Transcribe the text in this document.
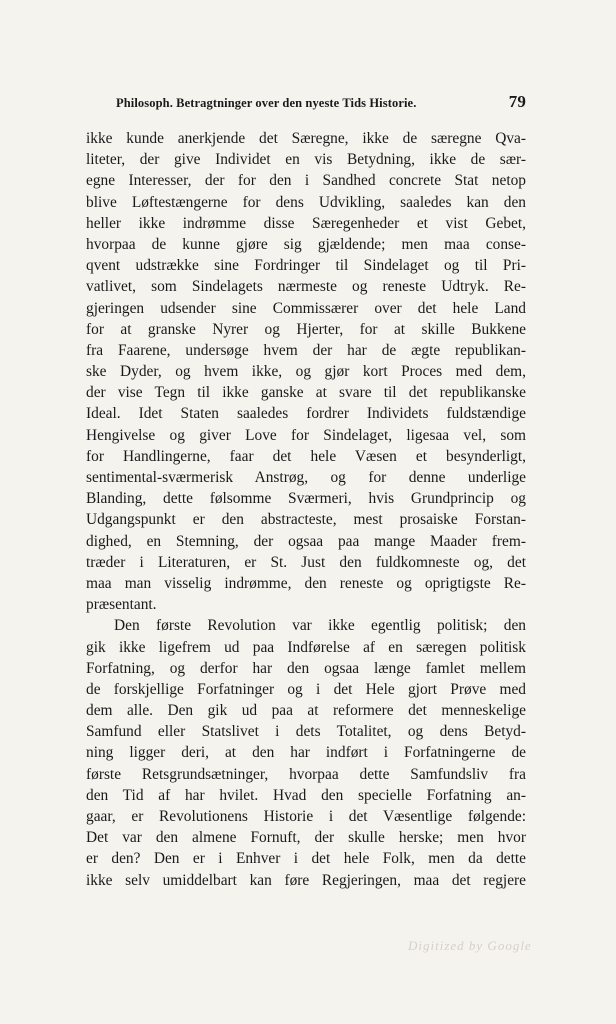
Philosoph. Betragtninger over den nyeste Tids Historie.	79
ikke kunde anerkjende det Særegne, ikke de særegne Qva-
liteter, der give Individet en vis Betydning, ikke de sær-
egne Interesser, der for den i Sandhed concrete Stat netop
blive Løftestængerne for dens Udvikling, saaledes kan den
heller ikke indrømme disse Særegenheder et vist Gebet,
hvorpaa de kunne gjøre sig gjældende; men maa conse-
qvent udstrække sine Fordringer til Sindelaget og til Pri-
vatlivet, som Sindelagets nærmeste og reneste Udtryk. Re-
gjeringen udsender sine Commissærer over det hele Land
for at granske Nyrer og Hjerter, for at skille Bukkene
fra Faarene, undersøge hvem der har de ægte republikan-
ske Dyder, og hvem ikke, og gjør kort Proces med dem,
der vise Tegn til ikke ganske at svare til det republikanske
Ideal. Idet Staten saaledes fordrer Individets fuldstændige
Hengivelse og giver Love for Sindelaget, ligesaa vel, som
for Handlingerne, faar det hele Væsen et besynderligt,
sentimental-sværmerisk Anstrøg, og for denne underlige
Blanding, dette følsomme Sværmeri, hvis Grundprincip og
Udgangspunkt er den abstracteste, mest prosaiske Forstan-
dighed, en Stemning, der ogsaa paa mange Maader frem-
træder i Literaturen, er St. Just den fuldkomneste og, det
maa man visselig indrømme, den reneste og oprigtigste Re-
præsentant.
Den første Revolution var ikke egentlig politisk; den
gik ikke ligefrem ud paa Indførelse af en særegen politisk
Forfatning, og derfor har den ogsaa længe famlet mellem
de forskjellige Forfatninger og i det Hele gjort Prøve med
dem alle. Den gik ud paa at reformere det menneskelige
Samfund eller Statslivet i dets Totalitet, og dens Betyd-
ning ligger deri, at den har indført i Forfatningerne de
første Retsgrundsætninger, hvorpaa dette Samfundsliv fra
den Tid af har hvilet. Hvad den specielle Forfatning an-
gaar, er Revolutionens Historie i det Væsentlige følgende:
Det var den almene Fornuft, der skulle herske; men hvor
er den? Den er i Enhver i det hele Folk, men da dette
ikke selv umiddelbart kan føre Regjeringen, maa det regjere
Digitized by Google
